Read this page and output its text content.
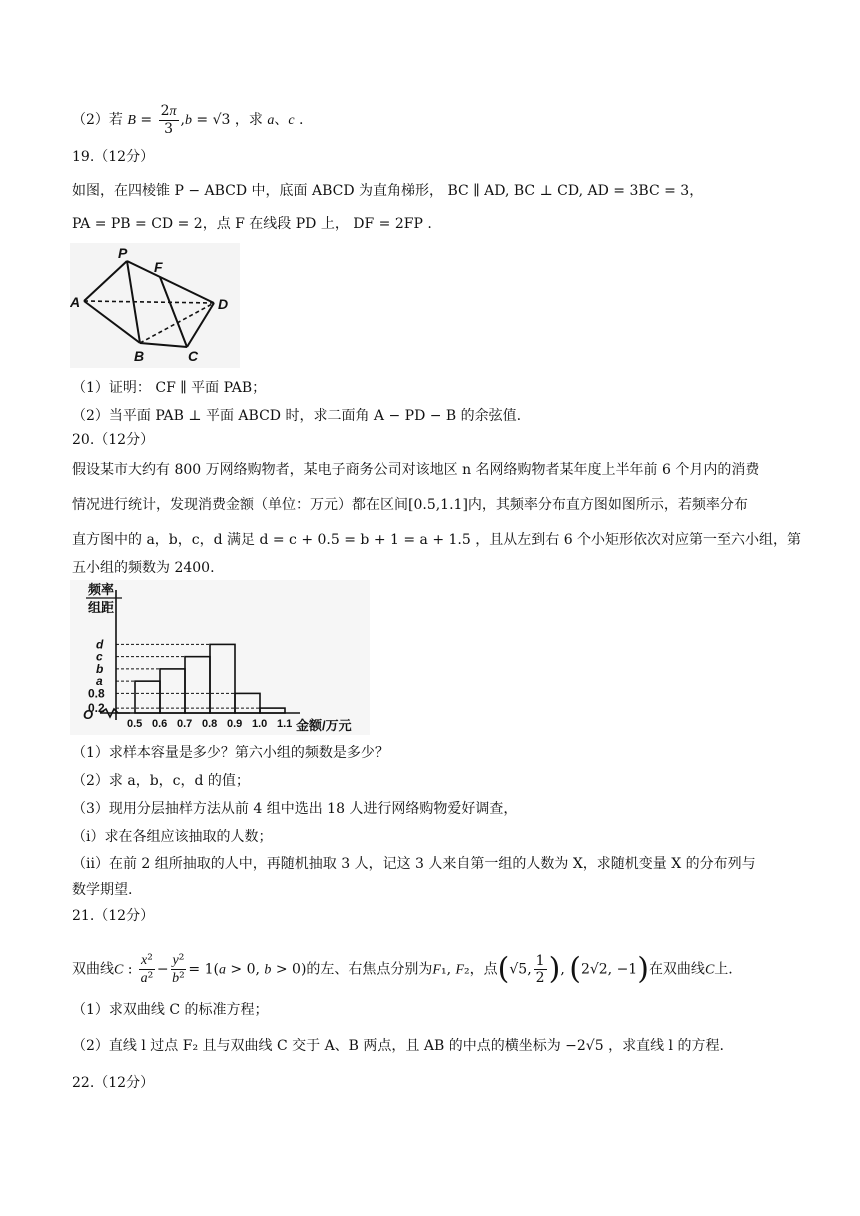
（2）若 $B = \frac{2\pi}{3} ,b = √3$ ，求 a、c .
19.（12分）
如图，在四棱锥 P − ABCD 中，底面 ABCD 为直角梯形， BC ∥ AD, BC ⊥ CD, AD = 3BC = 3，
PA = PB = CD = 2，点 F 在线段 PD 上， DF = 2FP .
P
F
A	D
B	C
（1）证明： CF ∥ 平面 PAB；
（2）当平面 PAB ⊥ 平面 ABCD 时，求二面角 A − PD − B 的余弦值.
20.（12分）
假设某市大约有 800 万网络购物者，某电子商务公司对该地区 n 名网络购物者某年度上半年前 6 个月内的消费
情况进行统计，发现消费金额（单位：万元）都在区间[0.5,1.1]内，其频率分布直方图如图所示，若频率分布
直方图中的 a，b，c，d 满足 d = c + 0.5 = b + 1 = a + 1.5 ，且从左到右 6 个小矩形依次对应第一至六小组，第
五小组的频数为 2400.
频率
组距
O
金额/万元
0.2
0.8
a
b
c
d
0.5 0.6 0.7 0.8 0.9 1.0 1.1
（1）求样本容量是多少？第六小组的频数是多少？
（2）求 a，b，c，d 的值；
（3）现用分层抽样方法从前 4 组中选出 18 人进行网络购物爱好调查，
（i）求在各组应该抽取的人数；
（ii）在前 2 组所抽取的人中，再随机抽取 3 人，记这 3 人来自第一组的人数为 X，求随机变量 X 的分布列与
数学期望.
21.（12分）
双曲线C : $\frac{\text{x²}}{\text{a²}} - \frac{\text{y²}}{\text{b²}} = 1(a > 0$, b > 0)的左、右焦点分别为F₁, F₂，点(√5, $\frac{1}{2}$ ), (2√2, −1)在双曲线C上.
（1）求双曲线 C 的标准方程；
（2）直线 l 过点 F₂ 且与双曲线 C 交于 A、B 两点，且 AB 的中点的横坐标为 −2√5 ，求直线 l 的方程.
22.（12分）
